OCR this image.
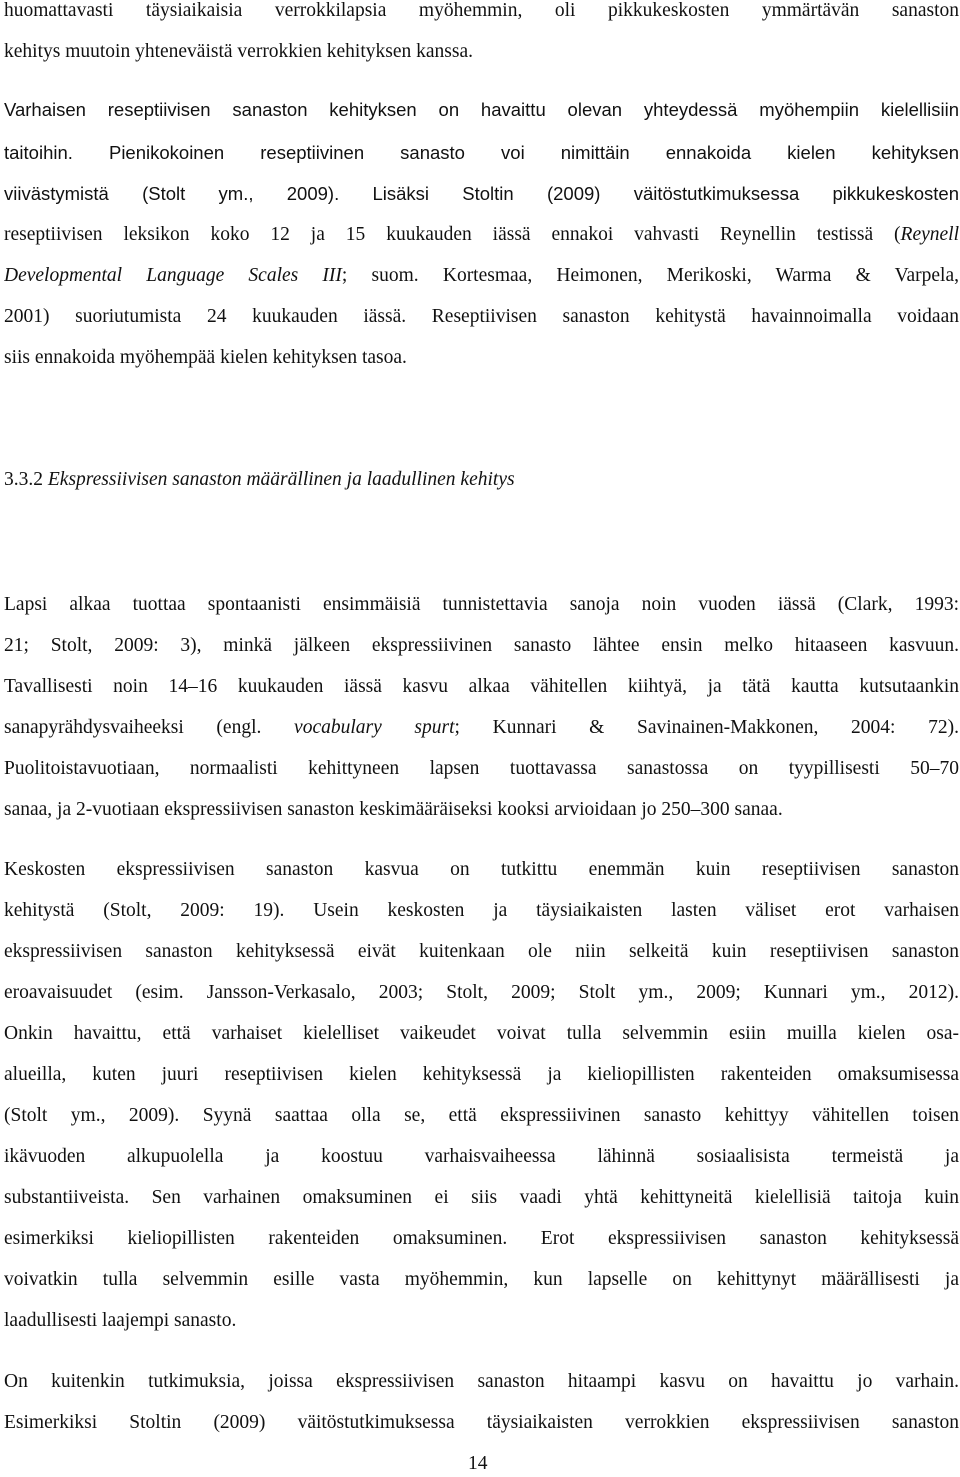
huomattavasti täysiaikaisia verrokkilapsia myöhemmin, oli pikkukeskosten ymmärtävän sanaston
kehitys muutoin yhteneväistä verrokkien kehityksen kanssa.
Varhaisen reseptiivisen sanaston kehityksen on havaittu olevan yhteydessä myöhempiin kielellisiin
taitoihin. Pienikokoinen reseptiivinen sanasto voi nimittäin ennakoida kielen kehityksen
viivästymistä (Stolt ym., 2009). Lisäksi Stoltin (2009) väitöstutkimuksessa pikkukeskosten
reseptiivisen leksikon koko 12 ja 15 kuukauden iässä ennakoi vahvasti Reynellin testissä (Reynell
Developmental Language Scales III; suom. Kortesmaa, Heimonen, Merikoski, Warma & Varpela,
2001) suoriutumista 24 kuukauden iässä. Reseptiivisen sanaston kehitystä havainnoimalla voidaan
siis ennakoida myöhempää kielen kehityksen tasoa.
3.3.2 Ekspressiivisen sanaston määrällinen ja laadullinen kehitys
Lapsi alkaa tuottaa spontaanisti ensimmäisiä tunnistettavia sanoja noin vuoden iässä (Clark, 1993:
21; Stolt, 2009: 3), minkä jälkeen ekspressiivinen sanasto lähtee ensin melko hitaaseen kasvuun.
Tavallisesti noin 14–16 kuukauden iässä kasvu alkaa vähitellen kiihtyä, ja tätä kautta kutsutaankin
sanapyrähdysvaiheeksi (engl. vocabulary spurt; Kunnari & Savinainen-Makkonen, 2004: 72).
Puolitoistavuotiaan, normaalisti kehittyneen lapsen tuottavassa sanastossa on tyypillisesti 50–70
sanaa, ja 2-vuotiaan ekspressiivisen sanaston keskimääräiseksi kooksi arvioidaan jo 250–300 sanaa.
Keskosten ekspressiivisen sanaston kasvua on tutkittu enemmän kuin reseptiivisen sanaston
kehitystä (Stolt, 2009: 19). Usein keskosten ja täysiaikaisten lasten väliset erot varhaisen
ekspressiivisen sanaston kehityksessä eivät kuitenkaan ole niin selkeitä kuin reseptiivisen sanaston
eroavaisuudet (esim. Jansson-Verkasalo, 2003; Stolt, 2009; Stolt ym., 2009; Kunnari ym., 2012).
Onkin havaittu, että varhaiset kielelliset vaikeudet voivat tulla selvemmin esiin muilla kielen osa-
alueilla, kuten juuri reseptiivisen kielen kehityksessä ja kieliopillisten rakenteiden omaksumisessa
(Stolt ym., 2009). Syynä saattaa olla se, että ekspressiivinen sanasto kehittyy vähitellen toisen
ikävuoden alkupuolella ja koostuu varhaisvaiheessa lähinnä sosiaalisista termeistä ja
substantiiveista. Sen varhainen omaksuminen ei siis vaadi yhtä kehittyneitä kielellisiä taitoja kuin
esimerkiksi kieliopillisten rakenteiden omaksuminen. Erot ekspressiivisen sanaston kehityksessä
voivatkin tulla selvemmin esille vasta myöhemmin, kun lapselle on kehittynyt määrällisesti ja
laadullisesti laajempi sanasto.
On kuitenkin tutkimuksia, joissa ekspressiivisen sanaston hitaampi kasvu on havaittu jo varhain.
Esimerkiksi Stoltin (2009) väitöstutkimuksessa täysiaikaisten verrokkien ekspressiivisen sanaston
14
